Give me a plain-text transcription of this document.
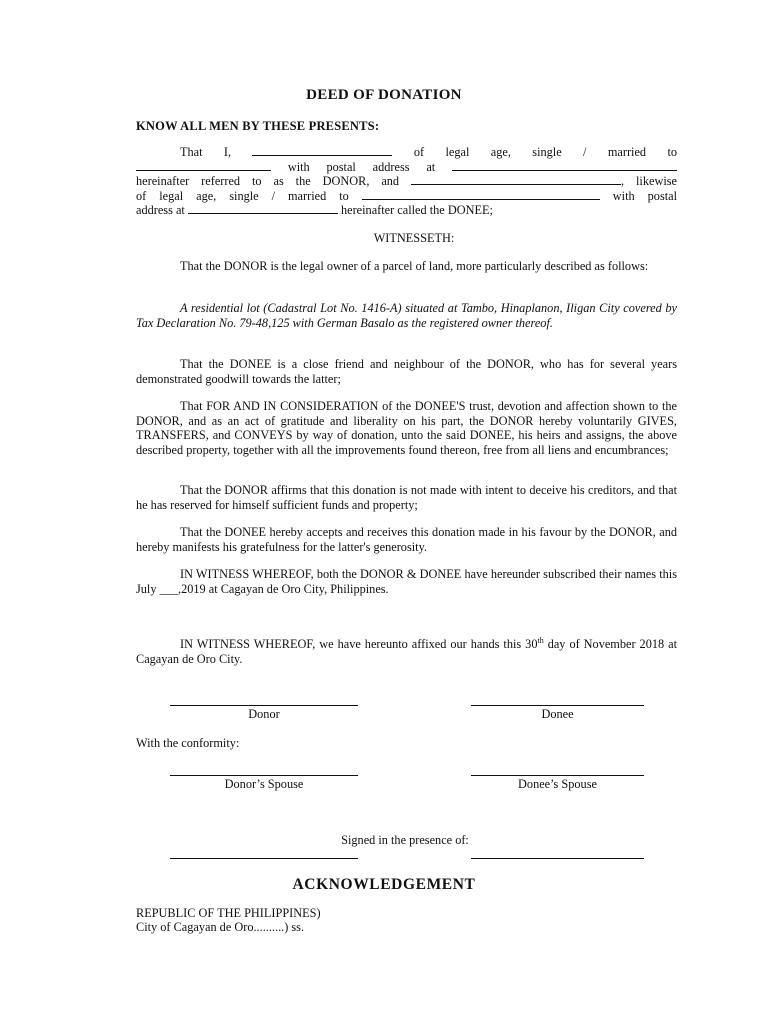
DEED OF DONATION
KNOW ALL MEN BY THESE PRESENTS:
That I,	of legal age, single / married to
with postal address at
hereinafter referred to as the DONOR, and	, likewise
of legal age, single / married to	with postal
address at	hereinafter called the DONEE;
WITNESSETH:
That the DONOR is the legal owner of a parcel of land, more particularly described as follows:
A residential lot (Cadastral Lot No. 1416-A) situated at Tambo, Hinaplanon, Iligan City covered by Tax Declaration No. 79-48,125 with German Basalo as the registered owner thereof.
That the DONEE is a close friend and neighbour of the DONOR, who has for several years demonstrated goodwill towards the latter;
That FOR AND IN CONSIDERATION of the DONEE'S trust, devotion and affection shown to the DONOR, and as an act of gratitude and liberality on his part, the DONOR hereby voluntarily GIVES, TRANSFERS, and CONVEYS by way of donation, unto the said DONEE, his heirs and assigns, the above described property, together with all the improvements found thereon, free from all liens and encumbrances;
That the DONOR affirms that this donation is not made with intent to deceive his creditors, and that he has reserved for himself sufficient funds and property;
That the DONEE hereby accepts and receives this donation made in his favour by the DONOR, and hereby manifests his gratefulness for the latter's generosity.
IN WITNESS WHEREOF, both the DONOR & DONEE have hereunder subscribed their names this July ___,2019 at Cagayan de Oro City, Philippines.
IN WITNESS WHEREOF, we have hereunto affixed our hands this 30th day of November 2018 at Cagayan de Oro City.
Donor	Donee
With the conformity:
Donor’s Spouse	Donee’s Spouse
Signed in the presence of:
ACKNOWLEDGEMENT
REPUBLIC OF THE PHILIPPINES)
City of Cagayan de Oro..........) ss.
